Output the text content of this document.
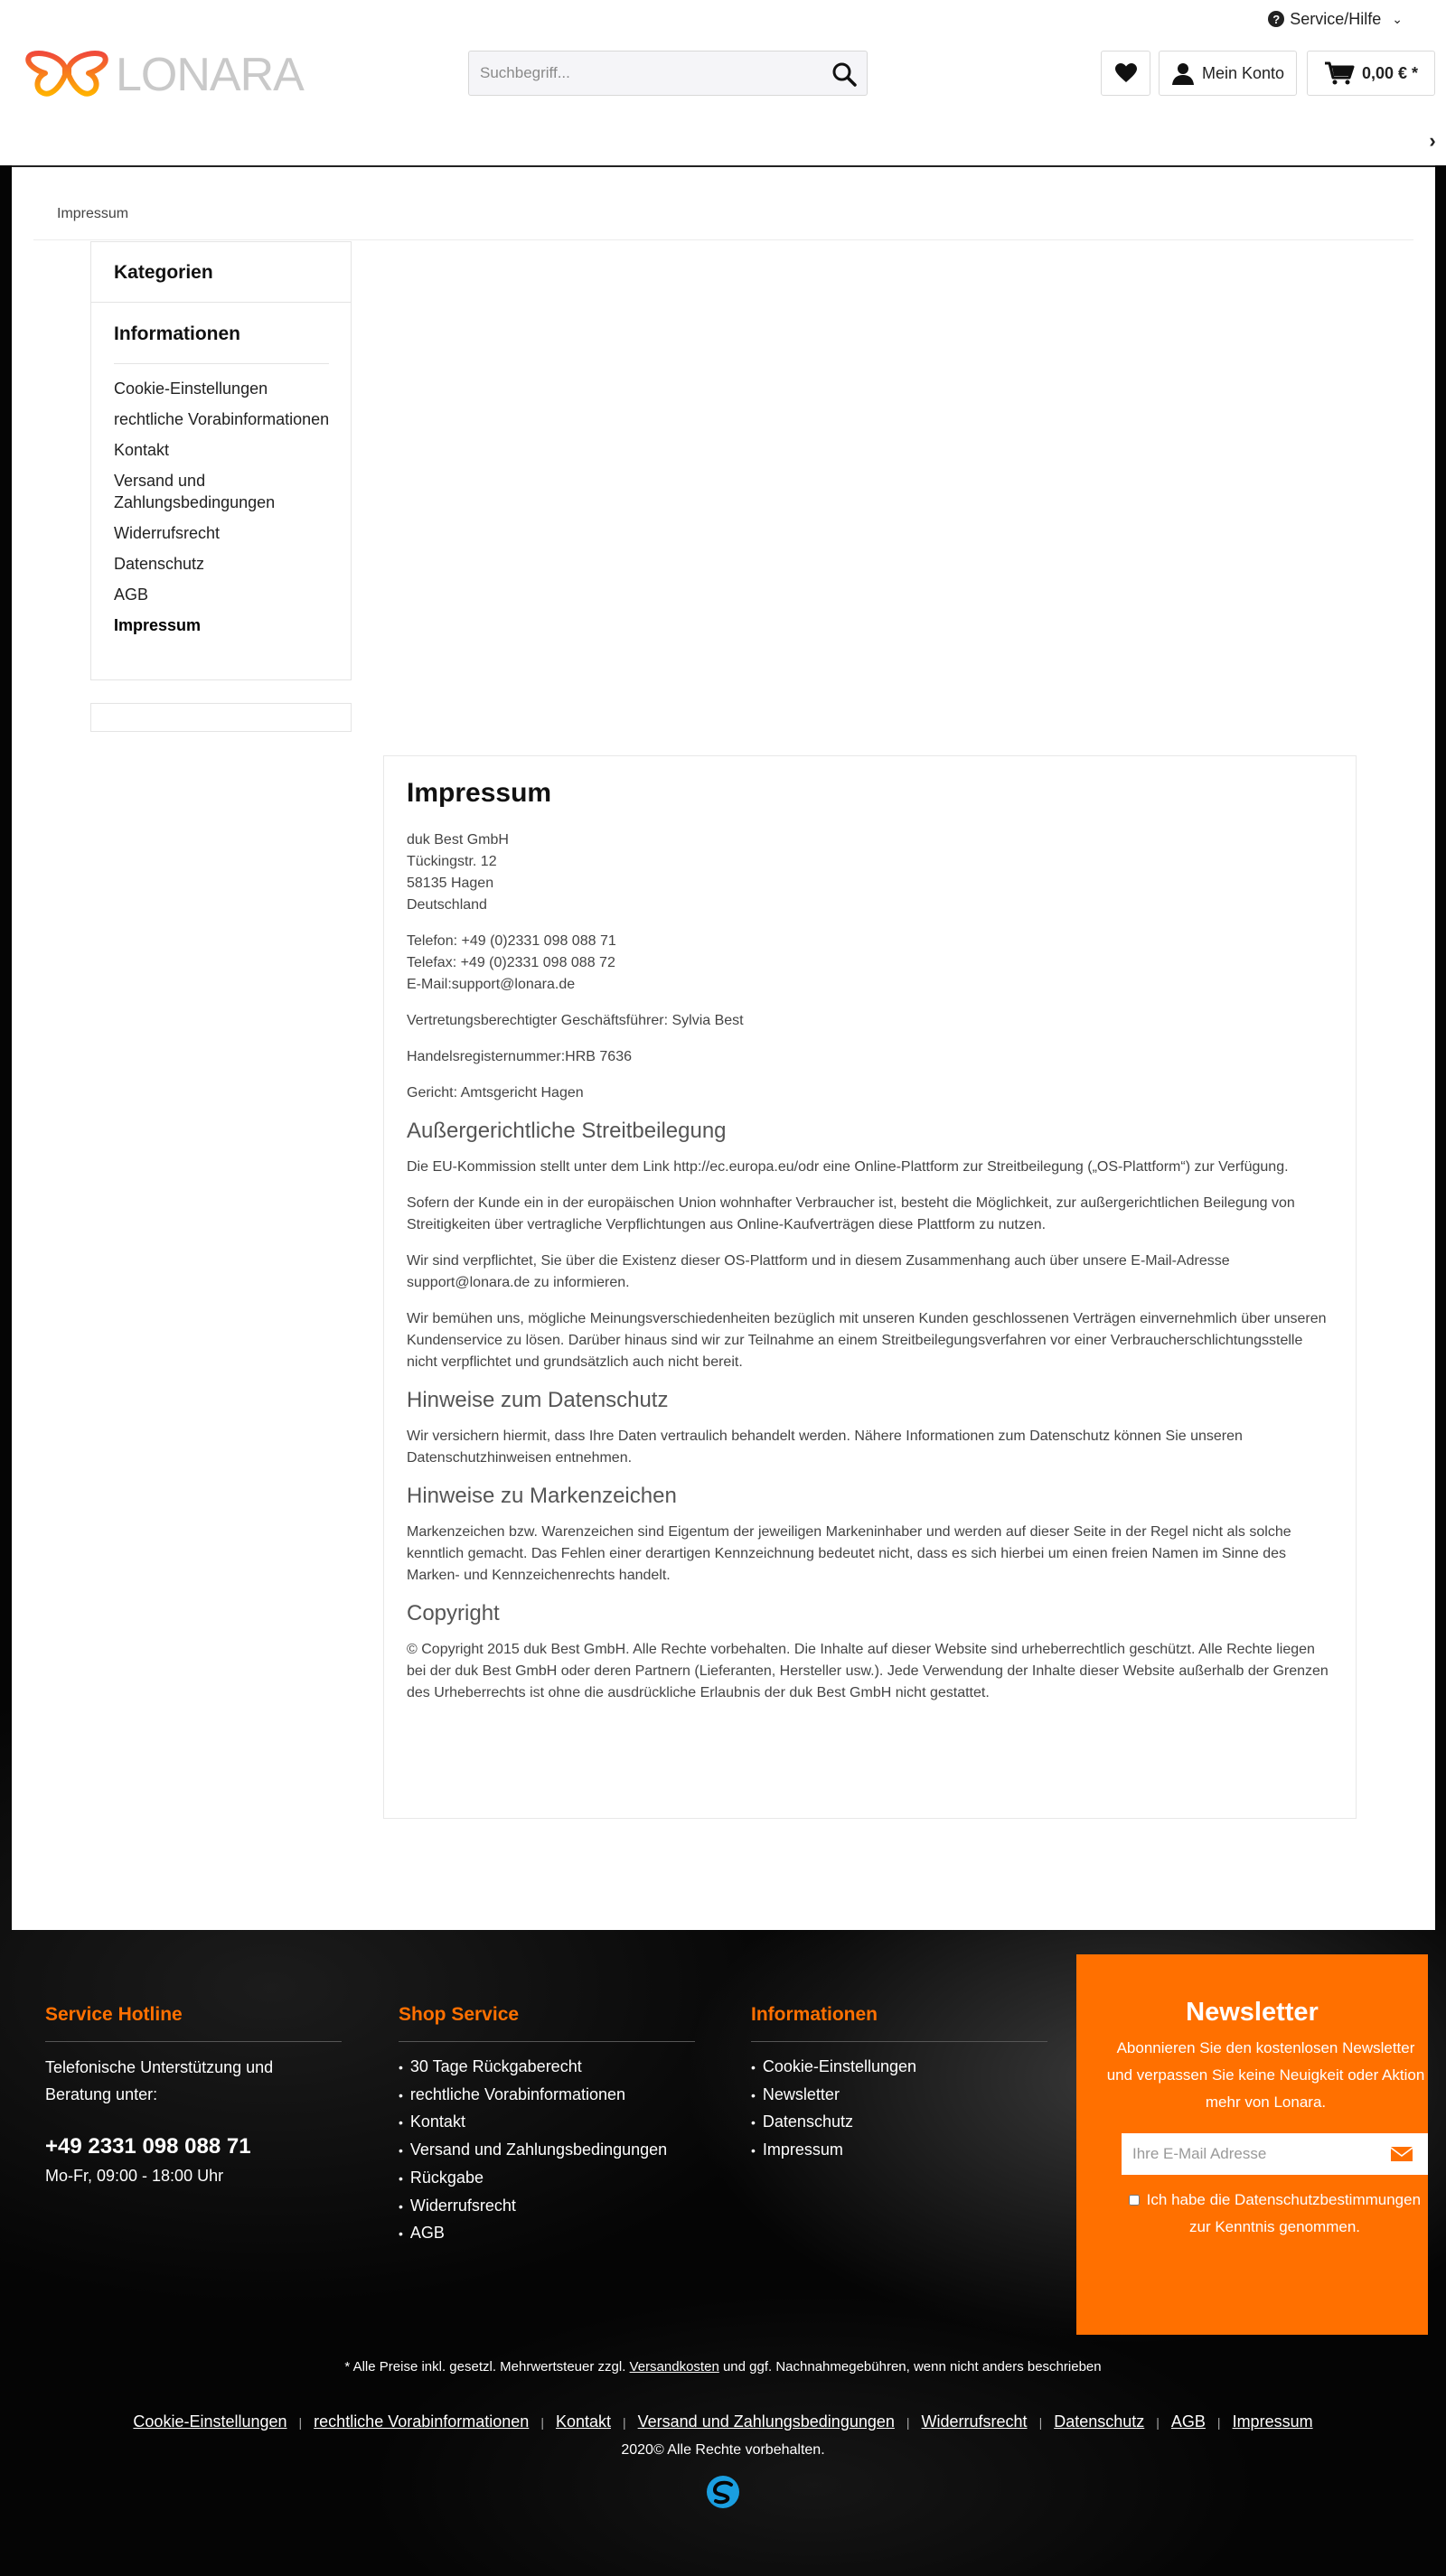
? Service/Hilfe ⌄
LONARA
Suchbegriff...	Mein Konto	0,00 € *
›
Impressum
Kategorien
Informationen
Cookie-Einstellungen
rechtliche Vorabinformationen
Kontakt
Versand und Zahlungsbedingungen
Widerrufsrecht
Datenschutz
AGB
Impressum
Impressum

duk Best GmbH
Tückingstr. 12
58135 Hagen
Deutschland

Telefon: +49 (0)2331 098 088 71
Telefax: +49 (0)2331 098 088 72
E-Mail:support@lonara.de

Vertretungsberechtigter Geschäftsführer: Sylvia Best

Handelsregisternummer:HRB 7636

Gericht: Amtsgericht Hagen

Außergerichtliche Streitbeilegung

Die EU-Kommission stellt unter dem Link http://ec.europa.eu/odr eine Online-Plattform zur Streitbeilegung („OS-Plattform“) zur Verfügung.

Sofern der Kunde ein in der europäischen Union wohnhafter Verbraucher ist, besteht die Möglichkeit, zur außergerichtlichen Beilegung von Streitigkeiten über vertragliche Verpflichtungen aus Online-Kaufverträgen diese Plattform zu nutzen.

Wir sind verpflichtet, Sie über die Existenz dieser OS-Plattform und in diesem Zusammenhang auch über unsere E-Mail-Adresse support@lonara.de zu informieren.

Wir bemühen uns, mögliche Meinungsverschiedenheiten bezüglich mit unseren Kunden geschlossenen Verträgen einvernehmlich über unseren Kundenservice zu lösen. Darüber hinaus sind wir zur Teilnahme an einem Streitbeilegungsverfahren vor einer Verbraucherschlichtungsstelle nicht verpflichtet und grundsätzlich auch nicht bereit.

Hinweise zum Datenschutz

Wir versichern hiermit, dass Ihre Daten vertraulich behandelt werden. Nähere Informationen zum Datenschutz können Sie unseren Datenschutzhinweisen entnehmen.

Hinweise zu Markenzeichen

Markenzeichen bzw. Warenzeichen sind Eigentum der jeweiligen Markeninhaber und werden auf dieser Seite in der Regel nicht als solche kenntlich gemacht. Das Fehlen einer derartigen Kennzeichnung bedeutet nicht, dass es sich hierbei um einen freien Namen im Sinne des Marken- und Kennzeichenrechts handelt.

Copyright

© Copyright 2015 duk Best GmbH. Alle Rechte vorbehalten. Die Inhalte auf dieser Website sind urheberrechtlich geschützt. Alle Rechte liegen bei der duk Best GmbH oder deren Partnern (Lieferanten, Hersteller usw.). Jede Verwendung der Inhalte dieser Website außerhalb der Grenzen des Urheberrechts ist ohne die ausdrückliche Erlaubnis der duk Best GmbH nicht gestattet.

Service Hotline
Telefonische Unterstützung und Beratung unter:
+49 2331 098 088 71
Mo-Fr, 09:00 - 18:00 Uhr
Shop Service
• 30 Tage Rückgaberecht
• rechtliche Vorabinformationen
• Kontakt
• Versand und Zahlungsbedingungen
• Rückgabe
• Widerrufsrecht
• AGB
Informationen
• Cookie-Einstellungen
• Newsletter
• Datenschutz
• Impressum
Newsletter
Abonnieren Sie den kostenlosen Newsletter und verpassen Sie keine Neuigkeit oder Aktion mehr von Lonara.
Ihre E-Mail Adresse
Ich habe die Datenschutzbestimmungen zur Kenntnis genommen.
* Alle Preise inkl. gesetzl. Mehrwertsteuer zzgl. Versandkosten und ggf. Nachnahmegebühren, wenn nicht anders beschrieben
Cookie-Einstellungen | rechtliche Vorabinformationen | Kontakt | Versand und Zahlungsbedingungen | Widerrufsrecht | Datenschutz | AGB | Impressum
2020© Alle Rechte vorbehalten.
